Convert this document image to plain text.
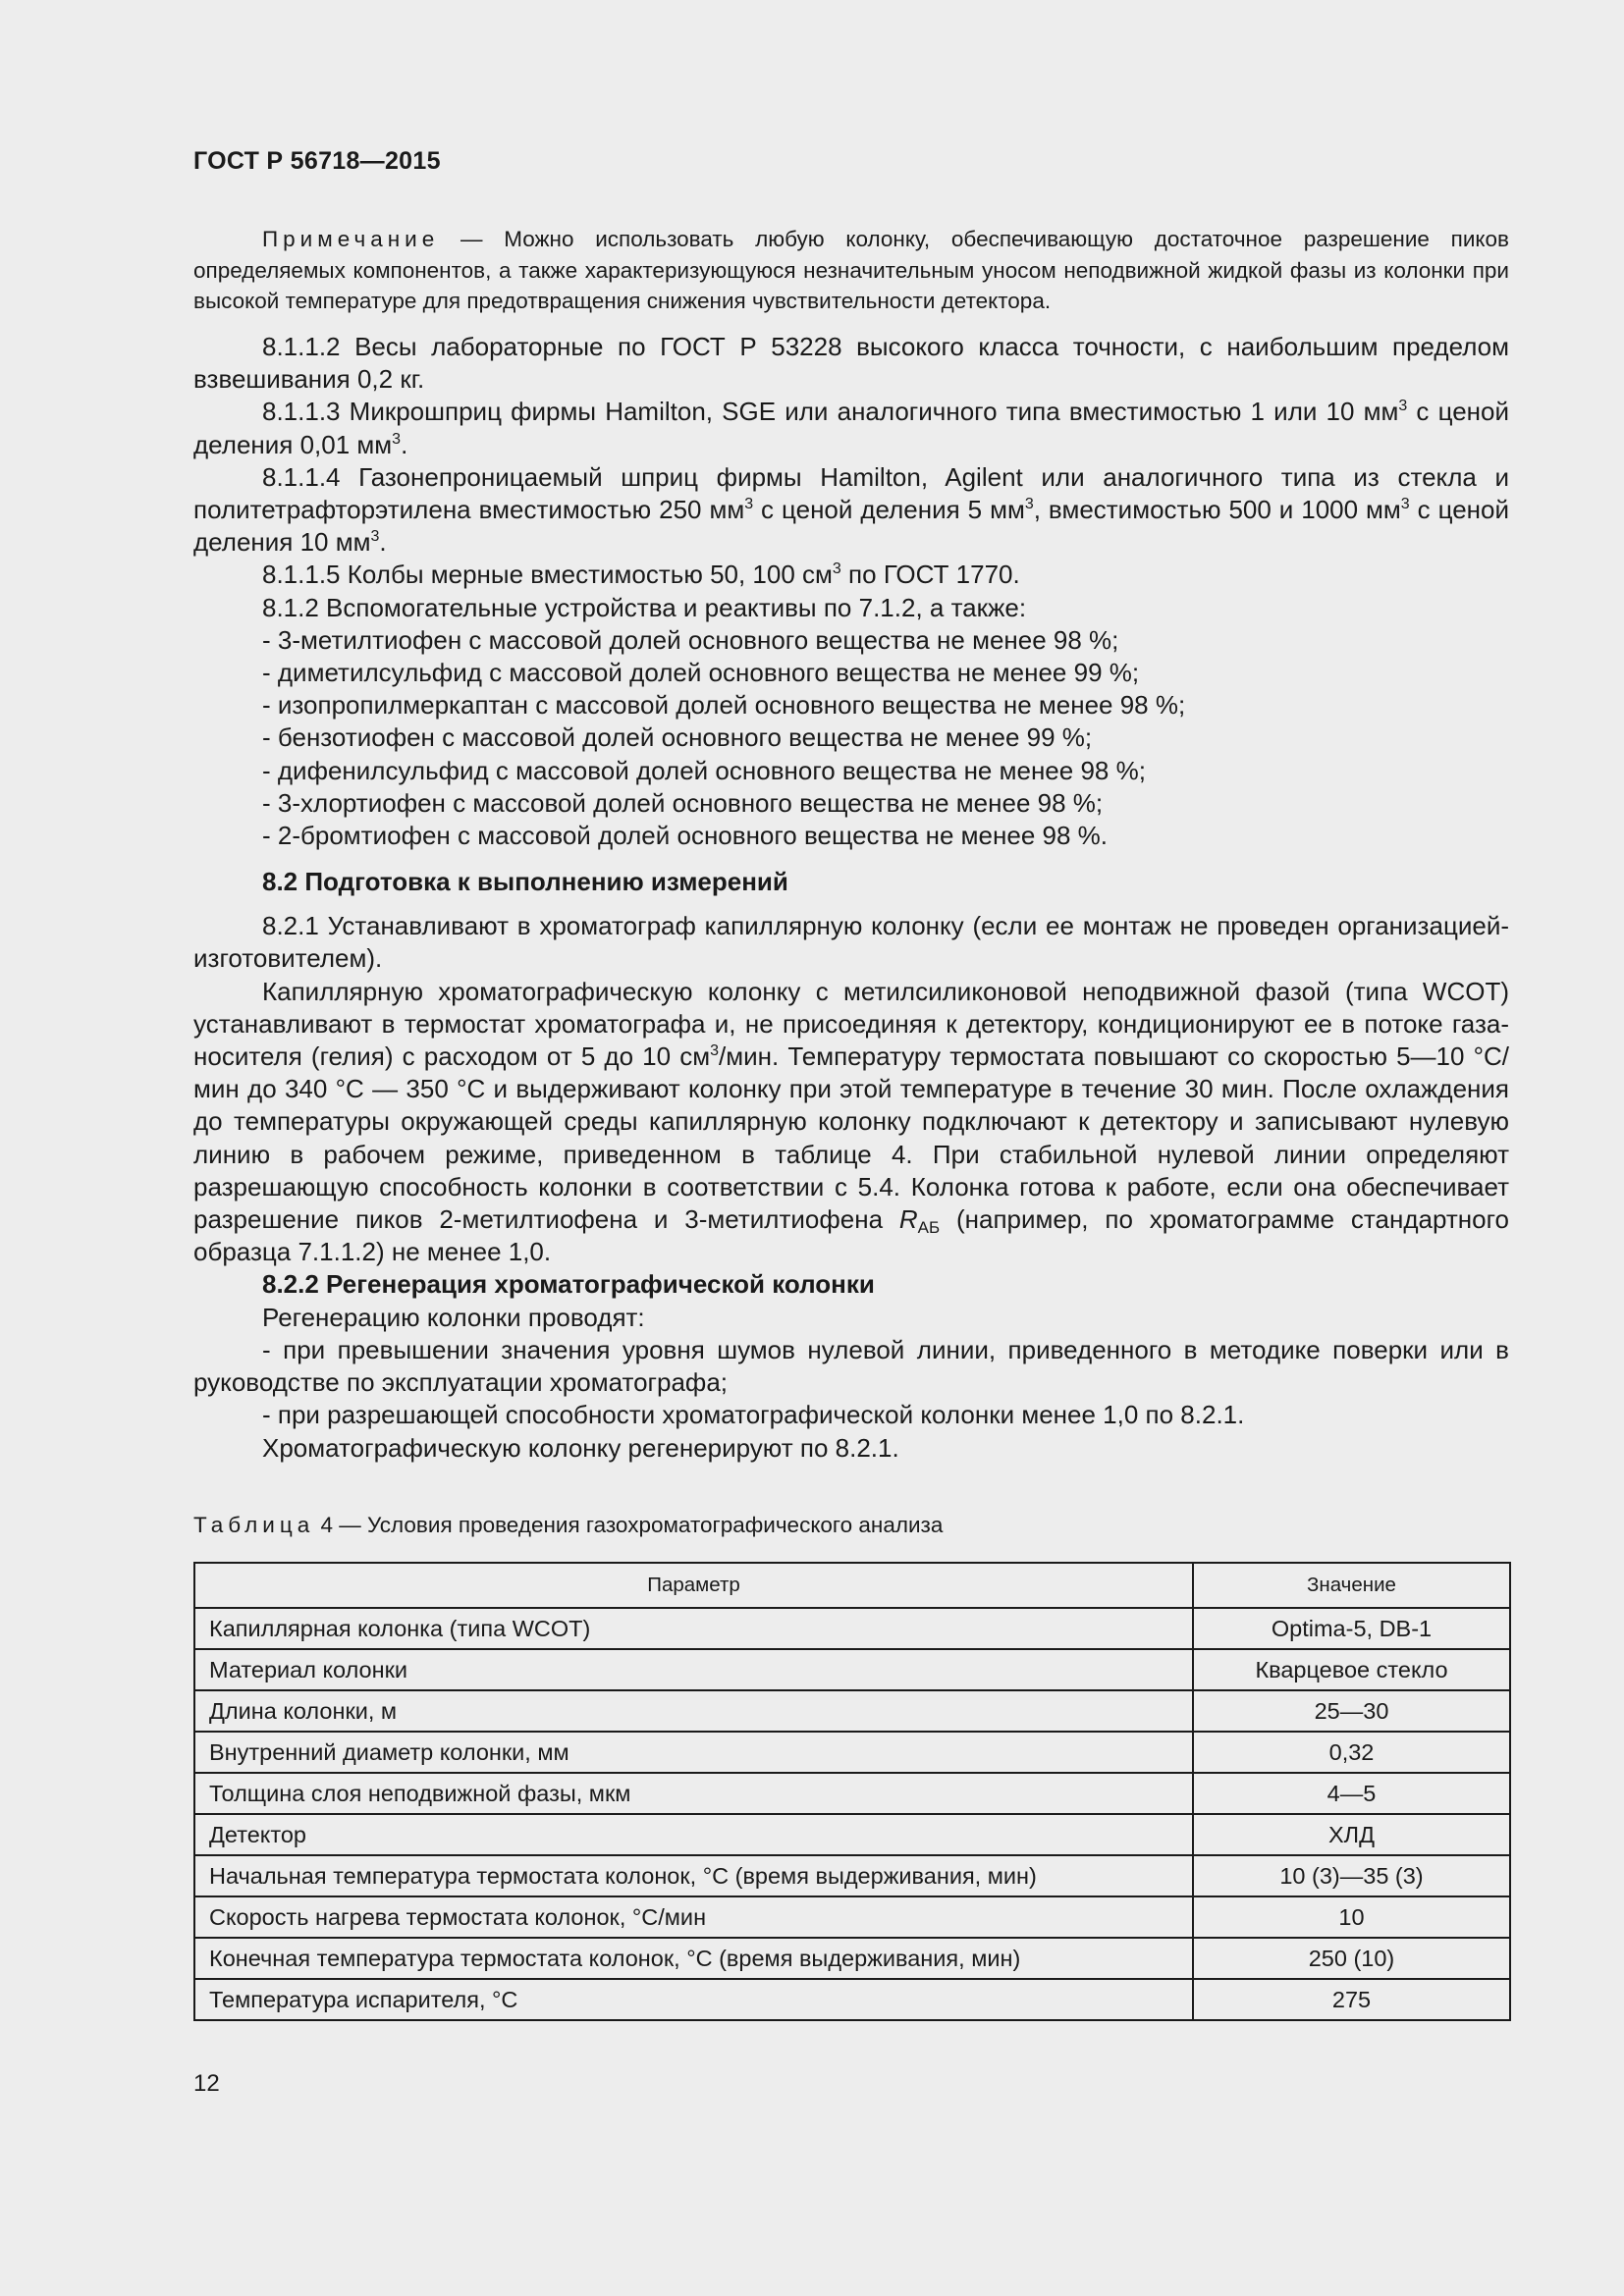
ГОСТ Р 56718—2015
Примечание — Можно использовать любую колонку, обеспечивающую достаточное разрешение пиков определяемых компонентов, а также характеризующуюся незначительным уносом неподвижной жидкой фазы из колонки при высокой температуре для предотвращения снижения чувствительности детектора.

8.1.1.2 Весы лабораторные по ГОСТ Р 53228 высокого класса точности, с наибольшим пределом взвешивания 0,2 кг.

8.1.1.3 Микрошприц фирмы Hamilton, SGE или аналогичного типа вместимостью 1 или 10 $мм^3$ с ценой деления 0,01 $мм^3$.

8.1.1.4 Газонепроницаемый шприц фирмы Hamilton, Agilent или аналогичного типа из стекла и политетрафторэтилена вместимостью 250 $мм^3$ с ценой деления 5 $мм^3$, вместимостью 500 и 1000 $мм^3$ с ценой деления 10 $мм^3$.

8.1.1.5 Колбы мерные вместимостью 50, 100 $см^3$ по ГОСТ 1770.

8.1.2 Вспомогательные устройства и реактивы по 7.1.2, а также:

- 3-метилтиофен с массовой долей основного вещества не менее 98 %;

- диметилсульфид с массовой долей основного вещества не менее 99 %;

- изопропилмеркаптан с массовой долей основного вещества не менее 98 %;

- бензотиофен с массовой долей основного вещества не менее 99 %;

- дифенилсульфид с массовой долей основного вещества не менее 98 %;

- 3-хлортиофен с массовой долей основного вещества не менее 98 %;

- 2-бромтиофен с массовой долей основного вещества не менее 98 %.

8.2 Подготовка к выполнению измерений

8.2.1 Устанавливают в хроматограф капиллярную колонку (если ее монтаж не проведен организацией-изготовителем).

Капиллярную хроматографическую колонку с метилсиликоновой неподвижной фазой (типа WCOT) устанавливают в термостат хроматографа и, не присоединяя к детектору, кондиционируют ее в потоке газа-носителя (гелия) с расходом от 5 до 10 $см^3$/мин. Температуру термостата повышают со скоростью 5—10 °С/мин до 340 °С — 350 °С и выдерживают колонку при этой температуре в течение 30 мин. После охлаждения до температуры окружающей среды капиллярную колонку подключают к детектору и записывают нулевую линию в рабочем режиме, приведенном в таблице 4. При стабильной нулевой линии определяют разрешающую способность колонки в соответствии с 5.4. Колонка готова к работе, если она обеспечивает разрешение пиков 2-метилтиофена и 3-метилтиофена $R_{АБ}$ (например, по хроматограмме стандартного образца 7.1.1.2) не менее 1,0.

8.2.2 Регенерация хроматографической колонки

Регенерацию колонки проводят:

- при превышении значения уровня шумов нулевой линии, приведенного в методике поверки или в руководстве по эксплуатации хроматографа;

- при разрешающей способности хроматографической колонки менее 1,0 по 8.2.1.

Хроматографическую колонку регенерируют по 8.2.1.

Таблица 4 — Условия проведения газохроматографического анализа
Параметр	Значение
Капиллярная колонка (типа WCOT)	Optima-5, DB-1
Материал колонки	Кварцевое стекло
Длина колонки, м	25—30
Внутренний диаметр колонки, мм	0,32
Толщина слоя неподвижной фазы, мкм	4—5
Детектор	ХЛД
Начальная температура термостата колонок, °С (время выдерживания, мин)	10 (3)—35 (3)
Скорость нагрева термостата колонок, °С/мин	10
Конечная температура термостата колонок, °С (время выдерживания, мин)	250 (10)
Температура испарителя, °С	275
12
